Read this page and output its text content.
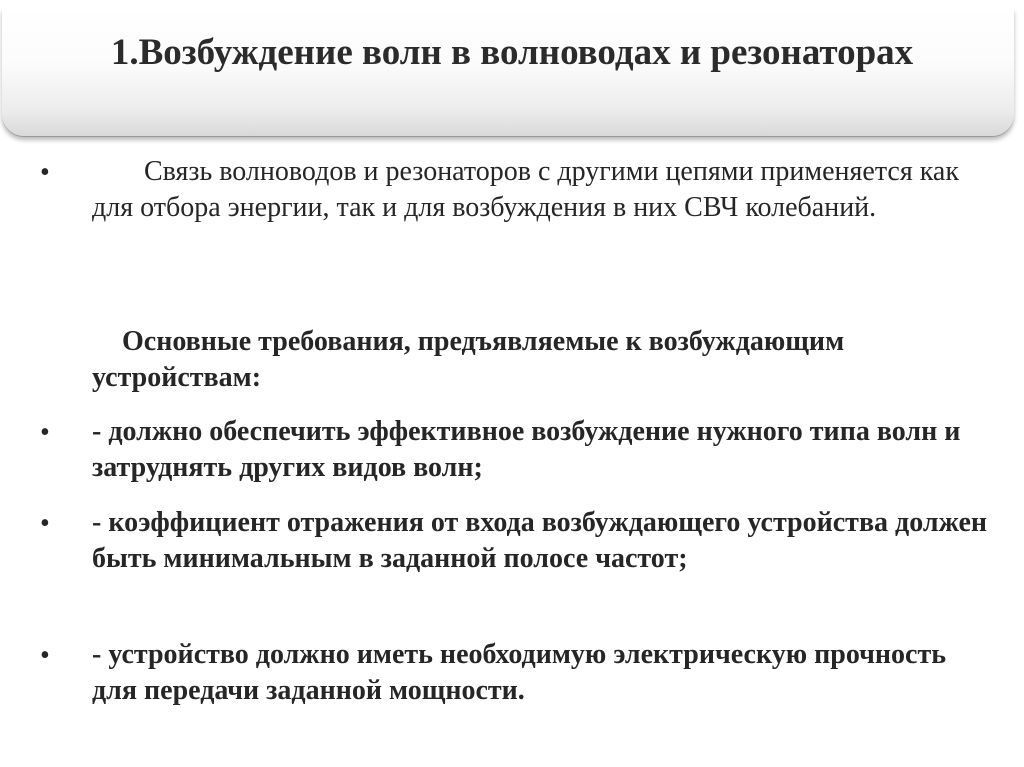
1.Возбуждение волн в волноводах и резонаторах
•	Связь волноводов и резонаторов с другими цепями применяется как для отбора энергии, так и для возбуждения в них СВЧ колебаний.

Основные требования, предъявляемые к возбуждающим устройствам:

• - должно обеспечить эффективное возбуждение нужного типа волн и затруднять других видов волн;

• - коэффициент отражения от входа возбуждающего устройства должен быть минимальным в заданной полосе частот;

• - устройство должно иметь необходимую электрическую прочность для передачи заданной мощности.
